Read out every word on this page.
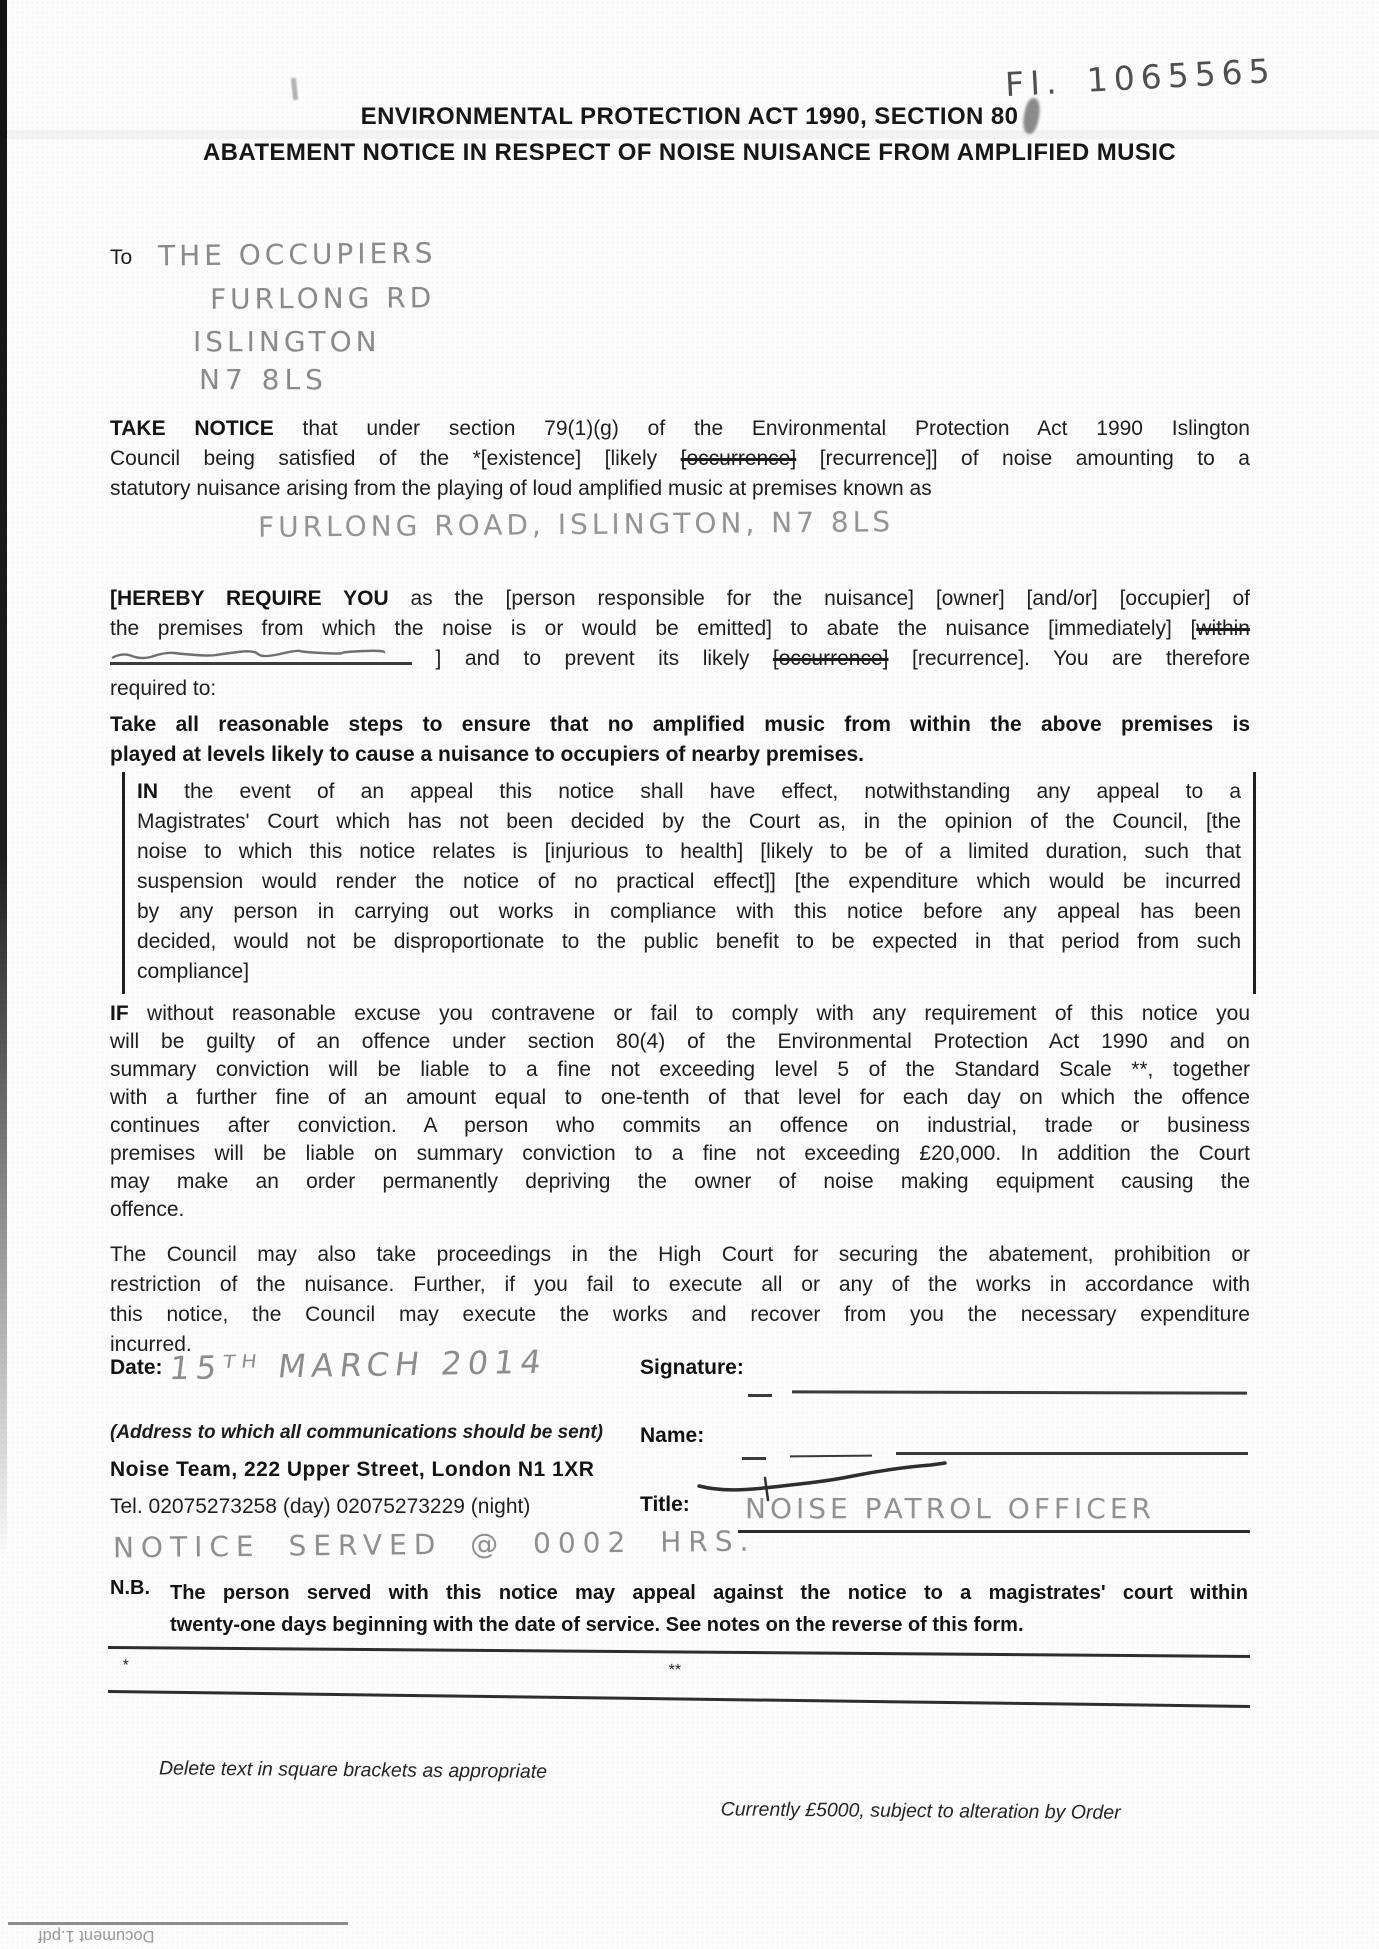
FI. 1065565
ENVIRONMENTAL PROTECTION ACT 1990, SECTION 80
ABATEMENT NOTICE IN RESPECT OF NOISE NUISANCE FROM AMPLIFIED MUSIC
To THE OCCUPIERS
FURLONG RD
ISLINGTON
N7 8LS

TAKE NOTICE that under section 79(1)(g) of the Environmental Protection Act 1990 Islington

Council being satisfied of the *[existence] [likely [occurrence] [recurrence]] of noise amounting to a

statutory nuisance arising from the playing of loud amplified music at premises known as

FURLONG ROAD, ISLINGTON, N7 8LS

[HEREBY REQUIRE YOU as the [person responsible for the nuisance] [owner] [and/or] [occupier] of

the premises from which the noise is or would be emitted] to abate the nuisance [immediately] [within

] and to prevent its likely [occurrence] [recurrence]. You are therefore

required to:

Take all reasonable steps to ensure that no amplified music from within the above premises is

played at levels likely to cause a nuisance to occupiers of nearby premises.

IN the event of an appeal this notice shall have effect, notwithstanding any appeal to a

Magistrates' Court which has not been decided by the Court as, in the opinion of the Council, [the

noise to which this notice relates is [injurious to health] [likely to be of a limited duration, such that

suspension would render the notice of no practical effect]] [the expenditure which would be incurred

by any person in carrying out works in compliance with this notice before any appeal has been

decided, would not be disproportionate to the public benefit to be expected in that period from such

compliance]

IF without reasonable excuse you contravene or fail to comply with any requirement of this notice you

will be guilty of an offence under section 80(4) of the Environmental Protection Act 1990 and on

summary conviction will be liable to a fine not exceeding level 5 of the Standard Scale **, together

with a further fine of an amount equal to one-tenth of that level for each day on which the offence

continues after conviction. A person who commits an offence on industrial, trade or business

premises will be liable on summary conviction to a fine not exceeding £20,000. In addition the Court

may make an order permanently depriving the owner of noise making equipment causing the

offence.

The Council may also take proceedings in the High Court for securing the abatement, prohibition or

restriction of the nuisance. Further, if you fail to execute all or any of the works in accordance with

this notice, the Council may execute the works and recover from you the necessary expenditure

incurred.

Date: 15ᵀᴴ MARCH 2014	Signature:
(Address to which all communications should be sent) Name:
Noise Team, 222 Upper Street, London N1 1XR
Tel. 02075273258 (day) 02075273229 (night)	Title: NOISE PATROL OFFICER
NOTICE SERVED @ 0002 HRS.
N.B. The person served with this notice may appeal against the notice to a magistrates' court within

twenty-one days beginning with the date of service. See notes on the reverse of this form.

*
Delete text in square brackets as appropriate
**
Currently £5000, subject to alteration by Order
Document 1.pdf
